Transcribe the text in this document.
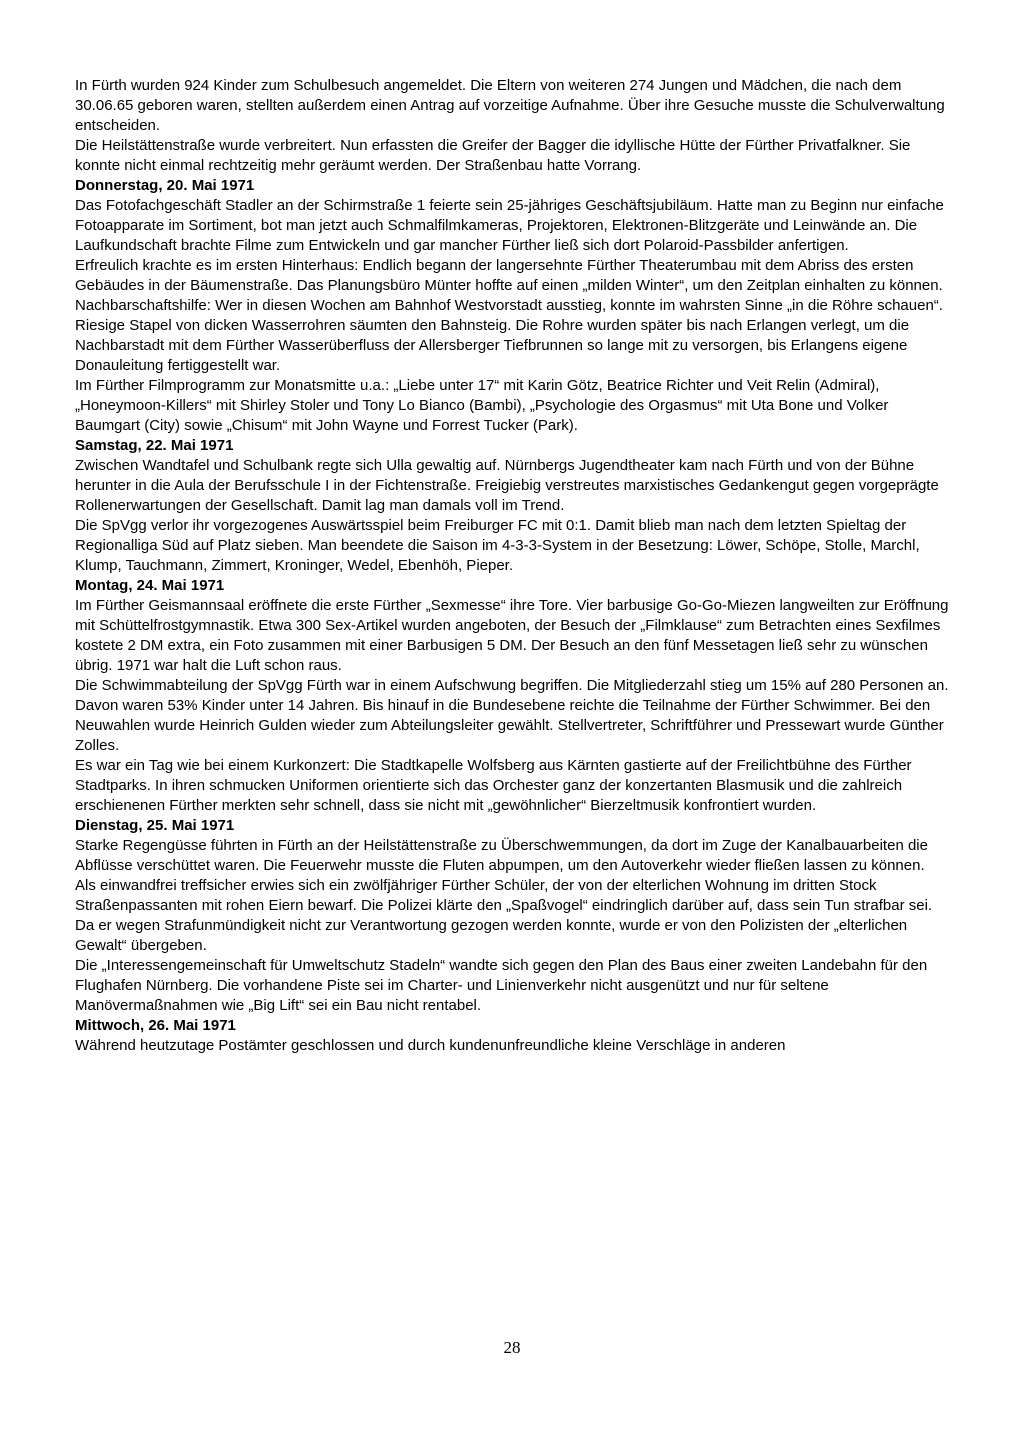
In Fürth wurden 924 Kinder zum Schulbesuch angemeldet. Die Eltern von weiteren 274 Jungen und Mädchen, die nach dem 30.06.65 geboren waren, stellten außerdem einen Antrag auf vorzeitige Aufnahme. Über ihre Gesuche musste die Schulverwaltung entscheiden.

Die Heilstättenstraße wurde verbreitert. Nun erfassten die Greifer der Bagger die idyllische Hütte der Fürther Privatfalkner. Sie konnte nicht einmal rechtzeitig mehr geräumt werden. Der Straßenbau hatte Vorrang.

Donnerstag, 20. Mai 1971

Das Fotofachgeschäft Stadler an der Schirmstraße 1 feierte sein 25-jähriges Geschäftsjubiläum. Hatte man zu Beginn nur einfache Fotoapparate im Sortiment, bot man jetzt auch Schmalfilmkameras, Projektoren, Elektronen-Blitzgeräte und Leinwände an. Die Laufkundschaft brachte Filme zum Entwickeln und gar mancher Fürther ließ sich dort Polaroid-Passbilder anfertigen.

Erfreulich krachte es im ersten Hinterhaus: Endlich begann der langersehnte Fürther Theaterumbau mit dem Abriss des ersten Gebäudes in der Bäumenstraße. Das Planungsbüro Münter hoffte auf einen „milden Winter“, um den Zeitplan einhalten zu können.

Nachbarschaftshilfe: Wer in diesen Wochen am Bahnhof Westvorstadt ausstieg, konnte im wahrsten Sinne „in die Röhre schauen“. Riesige Stapel von dicken Wasserrohren säumten den Bahnsteig. Die Rohre wurden später bis nach Erlangen verlegt, um die Nachbarstadt mit dem Fürther Wasserüberfluss der Allersberger Tiefbrunnen so lange mit zu versorgen, bis Erlangens eigene Donauleitung fertiggestellt war.

Im Fürther Filmprogramm zur Monatsmitte u.a.: „Liebe unter 17“ mit Karin Götz, Beatrice Richter und Veit Relin (Admiral), „Honeymoon-Killers“ mit Shirley Stoler und Tony Lo Bianco (Bambi), „Psychologie des Orgasmus“ mit Uta Bone und Volker Baumgart (City) sowie „Chisum“ mit John Wayne und Forrest Tucker (Park).

Samstag, 22. Mai 1971

Zwischen Wandtafel und Schulbank regte sich Ulla gewaltig auf. Nürnbergs Jugendtheater kam nach Fürth und von der Bühne herunter in die Aula der Berufsschule I in der Fichtenstraße. Freigiebig verstreutes marxistisches Gedankengut gegen vorgeprägte Rollenerwartungen der Gesellschaft. Damit lag man damals voll im Trend.

Die SpVgg verlor ihr vorgezogenes Auswärtsspiel beim Freiburger FC mit 0:1. Damit blieb man nach dem letzten Spieltag der Regionalliga Süd auf Platz sieben. Man beendete die Saison im 4-3-3-System in der Besetzung: Löwer, Schöpe, Stolle, Marchl, Klump, Tauchmann, Zimmert, Kroninger, Wedel, Ebenhöh, Pieper.

Montag, 24. Mai 1971

Im Fürther Geismannsaal eröffnete die erste Fürther „Sexmesse“ ihre Tore. Vier barbusige Go-Go-Miezen langweilten zur Eröffnung mit Schüttelfrostgymnastik. Etwa 300 Sex-Artikel wurden angeboten, der Besuch der „Filmklause“ zum Betrachten eines Sexfilmes kostete 2 DM extra, ein Foto zusammen mit einer Barbusigen 5 DM. Der Besuch an den fünf Messetagen ließ sehr zu wünschen übrig. 1971 war halt die Luft schon raus.

Die Schwimmabteilung der SpVgg Fürth war in einem Aufschwung begriffen. Die Mitgliederzahl stieg um 15% auf 280 Personen an. Davon waren 53% Kinder unter 14 Jahren. Bis hinauf in die Bundesebene reichte die Teilnahme der Fürther Schwimmer. Bei den Neuwahlen wurde Heinrich Gulden wieder zum Abteilungsleiter gewählt. Stellvertreter, Schriftführer und Pressewart wurde Günther Zolles.

Es war ein Tag wie bei einem Kurkonzert: Die Stadtkapelle Wolfsberg aus Kärnten gastierte auf der Freilichtbühne des Fürther Stadtparks. In ihren schmucken Uniformen orientierte sich das Orchester ganz der konzertanten Blasmusik und die zahlreich erschienenen Fürther merkten sehr schnell, dass sie nicht mit „gewöhnlicher“ Bierzeltmusik konfrontiert wurden.

Dienstag, 25. Mai 1971

Starke Regengüsse führten in Fürth an der Heilstättenstraße zu Überschwemmungen, da dort im Zuge der Kanalbauarbeiten die Abflüsse verschüttet waren. Die Feuerwehr musste die Fluten abpumpen, um den Autoverkehr wieder fließen lassen zu können.

Als einwandfrei treffsicher erwies sich ein zwölfjähriger Fürther Schüler, der von der elterlichen Wohnung im dritten Stock Straßenpassanten mit rohen Eiern bewarf. Die Polizei klärte den „Spaßvogel“ eindringlich darüber auf, dass sein Tun strafbar sei. Da er wegen Strafunmündigkeit nicht zur Verantwortung gezogen werden konnte, wurde er von den Polizisten der „elterlichen Gewalt“ übergeben.

Die „Interessengemeinschaft für Umweltschutz Stadeln“ wandte sich gegen den Plan des Baus einer zweiten Landebahn für den Flughafen Nürnberg. Die vorhandene Piste sei im Charter- und Linienverkehr nicht ausgenützt und nur für seltene Manövermaßnahmen wie „Big Lift“ sei ein Bau nicht rentabel.

Mittwoch, 26. Mai 1971

Während heutzutage Postämter geschlossen und durch kundenunfreundliche kleine Verschläge in anderen

28
